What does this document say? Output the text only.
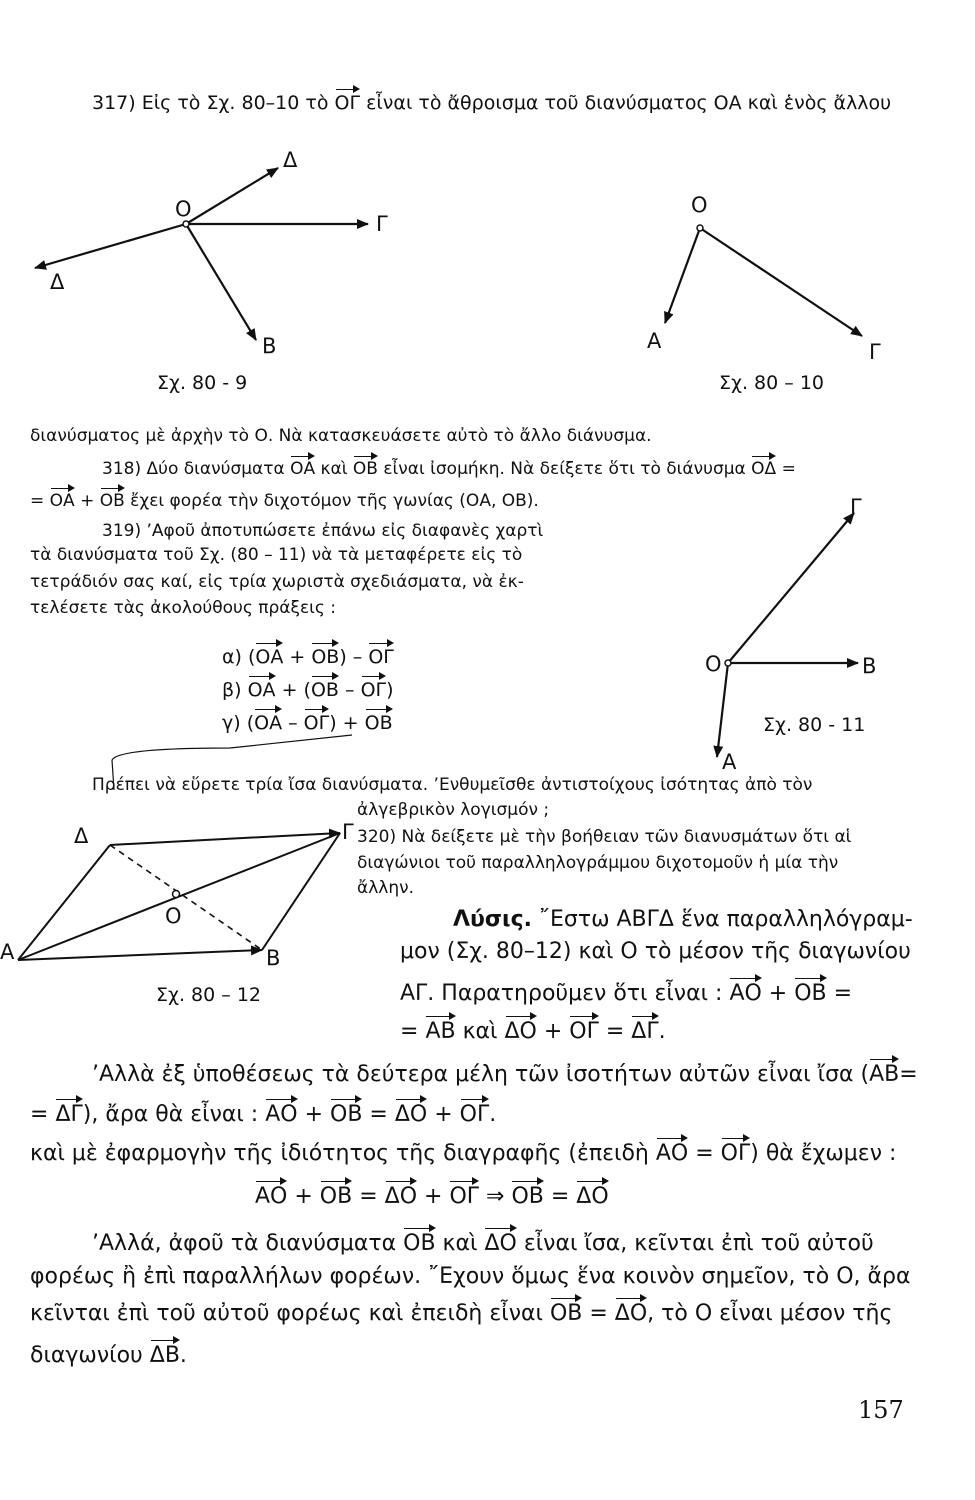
317) Εἰς τὸ Σχ. 80–10 τὸ ΟΓ εἶναι τὸ ἄθροισμα τοῦ διανύσματος ΟΑ καὶ ἑνὸς ἄλλου
Δ
Ο
Γ
Δ
Β
Σχ. 80 - 9
Ο
Α	Γ
Σχ. 80 – 10
διανύσματος μὲ ἀρχὴν τὸ Ο. Νὰ κατασκευάσετε αὐτὸ τὸ ἄλλο διάνυσμα.
318) Δύο διανύσματα ΟΑ καὶ ΟΒ εἶναι ἰσομήκη. Νὰ δείξετε ὅτι τὸ διάνυσμα ΟΔ =
= ΟΑ + ΟΒ ἔχει φορέα τὴν διχοτόμον τῆς γωνίας (ΟΑ, ΟΒ).
319) ’Αφοῦ ἀποτυπώσετε ἐπάνω εἰς διαφανὲς χαρτὶ
τὰ διανύσματα τοῦ Σχ. (80 – 11) νὰ τὰ μεταφέρετε εἰς τὸ
τετράδιόν σας καί, εἰς τρία χωριστὰ σχεδιάσματα, νὰ ἐκ-
τελέσετε τὰς ἀκολούθους πράξεις :
α) (ΟΑ + ΟΒ) – ΟΓ
β) ΟΑ + (ΟΒ – ΟΓ)
γ) (ΟΑ – ΟΓ) + ΟΒ
Γ
Ο	Β
Σχ. 80 - 11
Α
Πρέπει νὰ εὕρετε τρία ἴσα διανύσματα. ’Ενθυμεῖσθε ἀντιστοίχους ἰσότητας ἀπὸ τὸν
ἀλγεβρικὸν λογισμόν ;
320) Νὰ δείξετε μὲ τὴν βοήθειαν τῶν διανυσμάτων ὅτι αἱ
διαγώνιοι τοῦ παραλληλογράμμου διχοτομοῦν ἡ μία τὴν
ἄλλην.
Δ	Γ
Ο
Α	Β
Σχ. 80 – 12
Λύσις. ῎Εστω ΑΒΓΔ ἕνα παραλληλόγραμ-
μον (Σχ. 80–12) καὶ Ο τὸ μέσον τῆς διαγωνίου
ΑΓ. Παρατηροῦμεν ὅτι εἶναι : ΑΟ + ΟΒ =
= ΑΒ καὶ ΔΟ + ΟΓ = ΔΓ.
’Αλλὰ ἐξ ὑποθέσεως τὰ δεύτερα μέλη τῶν ἰσοτήτων αὐτῶν εἶναι ἴσα (ΑΒ=
= ΔΓ), ἄρα θὰ εἶναι : ΑΟ + ΟΒ = ΔΟ + ΟΓ.
καὶ μὲ ἐφαρμογὴν τῆς ἰδιότητος τῆς διαγραφῆς (ἐπειδὴ ΑΟ = ΟΓ) θὰ ἔχωμεν :
ΑΟ + ΟΒ = ΔΟ + ΟΓ ⇒ ΟΒ = ΔΟ
’Αλλά, ἀφοῦ τὰ διανύσματα ΟΒ καὶ ΔΟ εἶναι ἴσα, κεῖνται ἐπὶ τοῦ αὐτοῦ
φορέως ἢ ἐπὶ παραλλήλων φορέων. ῎Εχουν ὅμως ἕνα κοινὸν σημεῖον, τὸ Ο, ἄρα
κεῖνται ἐπὶ τοῦ αὐτοῦ φορέως καὶ ἐπειδὴ εἶναι ΟΒ = ΔΟ, τὸ Ο εἶναι μέσον τῆς
διαγωνίου ΔΒ.
157
